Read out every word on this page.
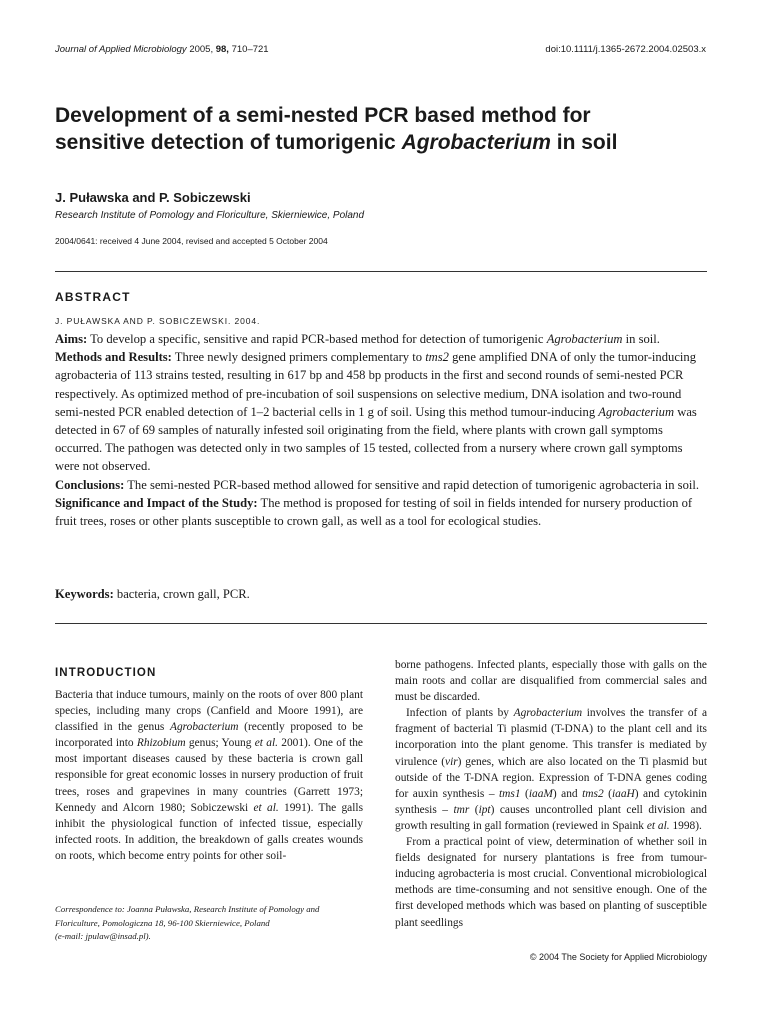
Journal of Applied Microbiology 2005, 98, 710–721	doi:10.1111/j.1365-2672.2004.02503.x
Development of a semi-nested PCR based method for
sensitive detection of tumorigenic Agrobacterium in soil
J. Puławska and P. Sobiczewski
Research Institute of Pomology and Floriculture, Skierniewice, Poland
2004/0641: received 4 June 2004, revised and accepted 5 October 2004
ABSTRACT
J. PUŁAWSKA AND P. SOBICZEWSKI. 2004.

Aims: To develop a specific, sensitive and rapid PCR-based method for detection of tumorigenic Agrobacterium in soil.

Methods and Results: Three newly designed primers complementary to tms2 gene amplified DNA of only the tumor-inducing agrobacteria of 113 strains tested, resulting in 617 bp and 458 bp products in the first and second rounds of semi-nested PCR respectively. As optimized method of pre-incubation of soil suspensions on selective medium, DNA isolation and two-round semi-nested PCR enabled detection of 1–2 bacterial cells in 1 g of soil. Using this method tumour-inducing Agrobacterium was detected in 67 of 69 samples of naturally infested soil originating from the field, where plants with crown gall symptoms occurred. The pathogen was detected only in two samples of 15 tested, collected from a nursery where crown gall symptoms were not observed.

Conclusions: The semi-nested PCR-based method allowed for sensitive and rapid detection of tumorigenic agrobacteria in soil.

Significance and Impact of the Study: The method is proposed for testing of soil in fields intended for nursery production of fruit trees, roses or other plants susceptible to crown gall, as well as a tool for ecological studies.

Keywords: bacteria, crown gall, PCR.
INTRODUCTION

Bacteria that induce tumours, mainly on the roots of over 800 plant species, including many crops (Canfield and Moore 1991), are classified in the genus Agrobacterium (recently proposed to be incorporated into Rhizobium genus; Young et al. 2001). One of the most important diseases caused by these bacteria is crown gall responsible for great economic losses in nursery production of fruit trees, roses and grapevines in many countries (Garrett 1973; Kennedy and Alcorn 1980; Sobiczewski et al. 1991). The galls inhibit the physiological function of infected tissue, especially infected roots. In addition, the breakdown of galls creates wounds on roots, which become entry points for other soil-

borne pathogens. Infected plants, especially those with galls on the main roots and collar are disqualified from commercial sales and must be discarded.

Infection of plants by Agrobacterium involves the transfer of a fragment of bacterial Ti plasmid (T-DNA) to the plant cell and its incorporation into the plant genome. This transfer is mediated by virulence (vir) genes, which are also located on the Ti plasmid but outside of the T-DNA region. Expression of T-DNA genes coding for auxin synthesis – tms1 (iaaM) and tms2 (iaaH) and cytokinin synthesis – tmr (ipt) causes uncontrolled plant cell division and growth resulting in gall formation (reviewed in Spaink et al. 1998).

From a practical point of view, determination of whether soil in fields designated for nursery plantations is free from tumour-inducing agrobacteria is most crucial. Conventional microbiological methods are time-consuming and not sensitive enough. One of the first developed methods which was based on planting of susceptible plant seedlings

Correspondence to: Joanna Puławska, Research Institute of Pomology and
Floriculture, Pomologiczna 18, 96-100 Skierniewice, Poland
(e-mail: jpulaw@insad.pl).
© 2004 The Society for Applied Microbiology
